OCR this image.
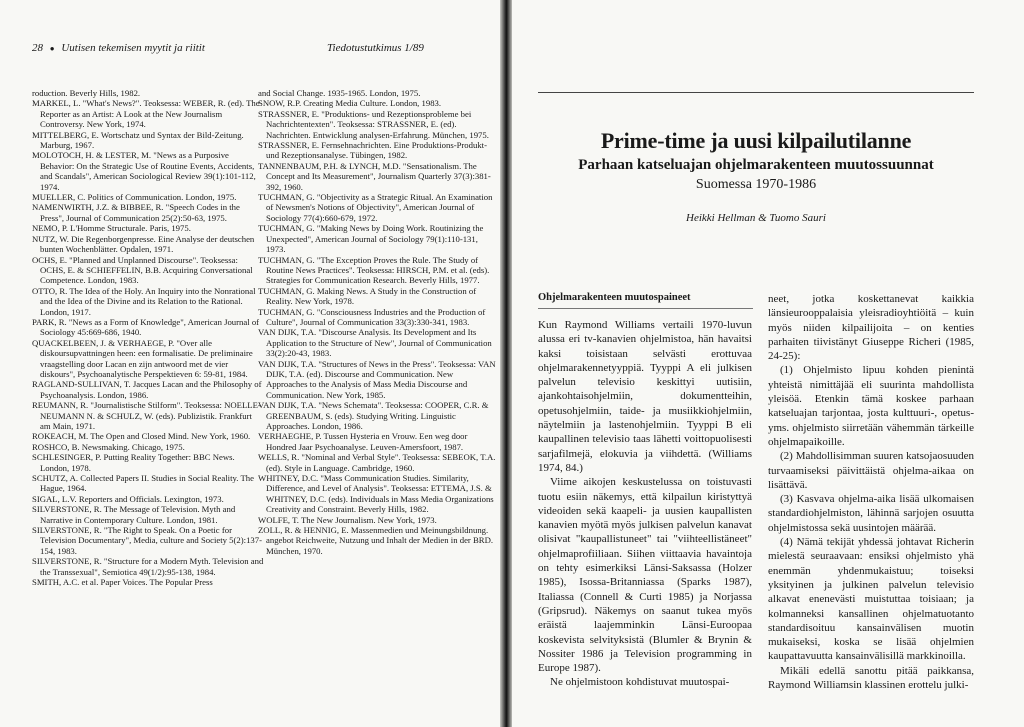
28 ● Uutisen tekemisen myytit ja riitit	Tiedotustutkimus 1/89

roduction. Beverly Hills, 1982.

MARKEL, L. "What's News?". Teoksessa: WEBER, R. (ed). The Reporter as an Artist: A Look at the New Journalism Controversy. New York, 1974.

MITTELBERG, E. Wortschatz und Syntax der Bild-Zeitung. Marburg, 1967.

MOLOTOCH, H. & LESTER, M. "News as a Purposive Behavior: On the Strategic Use of Routine Events, Accidents, and Scandals", American Sociological Review 39(1):101-112, 1974.

MUELLER, C. Politics of Communication. London, 1975.

NAMENWIRTH, J.Z. & BIBBEE, R. "Speech Codes in the Press", Journal of Communication 25(2):50-63, 1975.

NEMO, P. L'Homme Structurale. Paris, 1975.

NUTZ, W. Die Regenborgenpresse. Eine Analyse der deutschen bunten Wochenblätter. Opdalen, 1971.

OCHS, E. "Planned and Unplanned Discourse". Teoksessa: OCHS, E. & SCHIEFFELIN, B.B. Acquiring Conversational Competence. London, 1983.

OTTO, R. The Idea of the Holy. An Inquiry into the Nonrational and the Idea of the Divine and its Relation to the Rational. London, 1917.

PARK, R. "News as a Form of Knowledge", American Journal of Sociology 45:669-686, 1940.

QUACKELBEEN, J. & VERHAEGE, P. "Over alle diskoursupvattningen heen: een formalisatie. De preliminaire vraagstelling door Lacan en zijn antwoord met de vier diskours", Psychoanalytische Perspektieven 6: 59-81, 1984.

RAGLAND-SULLIVAN, T. Jacques Lacan and the Philosophy of Psychoanalysis. London, 1986.

REUMANN, R. "Journalistische Stilform". Teoksessa: NOELLE-NEUMANN N. & SCHULZ, W. (eds). Publizistik. Frankfurt am Main, 1971.

ROKEACH, M. The Open and Closed Mind. New York, 1960.

ROSHCO, B. Newsmaking. Chicago, 1975.

SCHLESINGER, P. Putting Reality Together: BBC News. London, 1978.

SCHUTZ, A. Collected Papers II. Studies in Social Reality. The Hague, 1964.

SIGAL, L.V. Reporters and Officials. Lexington, 1973.

SILVERSTONE, R. The Message of Television. Myth and Narrative in Contemporary Culture. London, 1981.

SILVERSTONE, R. "The Right to Speak. On a Poetic for Television Documentary", Media, culture and Society 5(2):137-154, 1983.

SILVERSTONE, R. "Structure for a Modern Myth. Television and the Transsexual", Semiotica 49(1/2):95-138, 1984.

SMITH, A.C. et al. Paper Voices. The Popular Press

and Social Change. 1935-1965. London, 1975.

SNOW, R.P. Creating Media Culture. London, 1983.

STRASSNER, E. "Produktions- und Rezeptionsprobleme bei Nachrichtentexten". Teoksessa: STRASSNER, E. (ed). Nachrichten. Entwicklung analysen-Erfahrung. München, 1975.

STRASSNER, E. Fernsehnachrichten. Eine Produktions-Produkt- und Rezeptionsanalyse. Tübingen, 1982.

TANNENBAUM, P.H. & LYNCH, M.D. "Sensationalism. The Concept and Its Measurement", Journalism Quarterly 37(3):381-392, 1960.

TUCHMAN, G. "Objectivity as a Strategic Ritual. An Examination of Newsmen's Notions of Objectivity", American Journal of Sociology 77(4):660-679, 1972.

TUCHMAN, G. "Making News by Doing Work. Routinizing the Unexpected", American Journal of Sociology 79(1):110-131, 1973.

TUCHMAN, G. "The Exception Proves the Rule. The Study of Routine News Practices". Teoksessa: HIRSCH, P.M. et al. (eds). Strategies for Communication Research. Beverly Hills, 1977.

TUCHMAN, G. Making News. A Study in the Construction of Reality. New York, 1978.

TUCHMAN, G. "Consciousness Industries and the Production of Culture", Journal of Communication 33(3):330-341, 1983.

VAN DIJK, T.A. "Discourse Analysis. Its Development and Its Application to the Structure of New", Journal of Communication 33(2):20-43, 1983.

VAN DIJK, T.A. "Structures of News in the Press". Teoksessa: VAN DIJK, T.A. (ed). Discourse and Communication. New Approaches to the Analysis of Mass Media Discourse and Communication. New York, 1985.

VAN DIJK, T.A. "News Schemata". Teoksessa: COOPER, C.R. & GREENBAUM, S. (eds). Studying Writing. Linguistic Approaches. London, 1986.

VERHAEGHE, P. Tussen Hysteria en Vrouw. Een weg door Hondred Jaar Psychoanalyse. Leuven-Amersfoort, 1987.

WELLS, R. "Nominal and Verbal Style". Teoksessa: SEBEOK, T.A. (ed). Style in Language. Cambridge, 1960.

WHITNEY, D.C. "Mass Communication Studies. Similarity, Difference, and Level of Analysis". Teoksessa: ETTEMA, J.S. & WHITNEY, D.C. (eds). Individuals in Mass Media Organizations Creativity and Constraint. Beverly Hills, 1982.

WOLFE, T. The New Journalism. New York, 1973.

ZOLL, R. & HENNIG, E. Massenmedien und Meinungsbildnung. angebot Reichweite, Nutzung und Inhalt der Medien in der BRD. München, 1970.

Prime-time ja uusi kilpailutilanne
Parhaan katseluajan ohjelmarakenteen muutossuunnat
Suomessa 1970-1986
Heikki Hellman & Tuomo Sauri
Ohjelmarakenteen muutospaineet

Kun Raymond Williams vertaili 1970-luvun alussa eri tv-kanavien ohjelmistoa, hän havaitsi kaksi toisistaan selvästi erottuvaa ohjelmarakennetyyppiä. Tyyppi A eli julkisen palvelun televisio keskittyi uutisiin, ajankohtaisohjelmiin, dokumentteihin, opetusohjelmiin, taide- ja musiikkiohjelmiin, näytelmiin ja lastenohjelmiin. Tyyppi B eli kaupallinen televisio taas lähetti voittopuolisesti sarjafilmejä, elokuvia ja viihdettä. (Williams 1974, 84.)

Viime aikojen keskustelussa on toistuvasti tuotu esiin näkemys, että kilpailun kiristyttyä videoiden sekä kaapeli- ja uusien kaupallisten kanavien myötä myös julkisen palvelun kanavat olisivat "kaupallistuneet" tai "viihteellistäneet" ohjelmaprofiiliaan. Siihen viittaavia havaintoja on tehty esimerkiksi Länsi-Saksassa (Holzer 1985), Isossa-Britanniassa (Sparks 1987), Italiassa (Connell & Curti 1985) ja Norjassa (Gripsrud). Näkemys on saanut tukea myös eräistä laajemminkin Länsi-Euroopaa koskevista selvityksistä (Blumler & Brynin & Nossiter 1986 ja Television programming in Europe 1987).

Ne ohjelmistoon kohdistuvat muutospai-

neet, jotka koskettanevat kaikkia länsieurooppalaisia yleisradioyhtiöitä – kuin myös niiden kilpailijoita – on kenties parhaiten tiivistänyt Giuseppe Richeri (1985, 24-25):

(1) Ohjelmisto lipuu kohden pienintä yhteistä nimittäjää eli suurinta mahdollista yleisöä. Etenkin tämä koskee parhaan katseluajan tarjontaa, josta kulttuuri-, opetus- yms. ohjelmisto siirretään vähemmän tärkeille ohjelmapaikoille.

(2) Mahdollisimman suuren katsojaosuuden turvaamiseksi päivittäistä ohjelma-aikaa on lisättävä.

(3) Kasvava ohjelma-aika lisää ulkomaisen standardiohjelmiston, lähinnä sarjojen osuutta ohjelmistossa sekä uusintojen määrää.

(4) Nämä tekijät yhdessä johtavat Richerin mielestä seuraavaan: ensiksi ohjelmisto yhä enemmän yhdenmukaistuu; toiseksi yksityinen ja julkinen palvelun televisio alkavat enenevästi muistuttaa toisiaan; ja kolmanneksi kansallinen ohjelmatuotanto standardisoituu kansainvälisen muotin mukaiseksi, koska se lisää ohjelmien kaupattavuutta kansainvälisillä markkinoilla.

Mikäli edellä sanottu pitää paikkansa, Raymond Williamsin klassinen erottelu julki-
